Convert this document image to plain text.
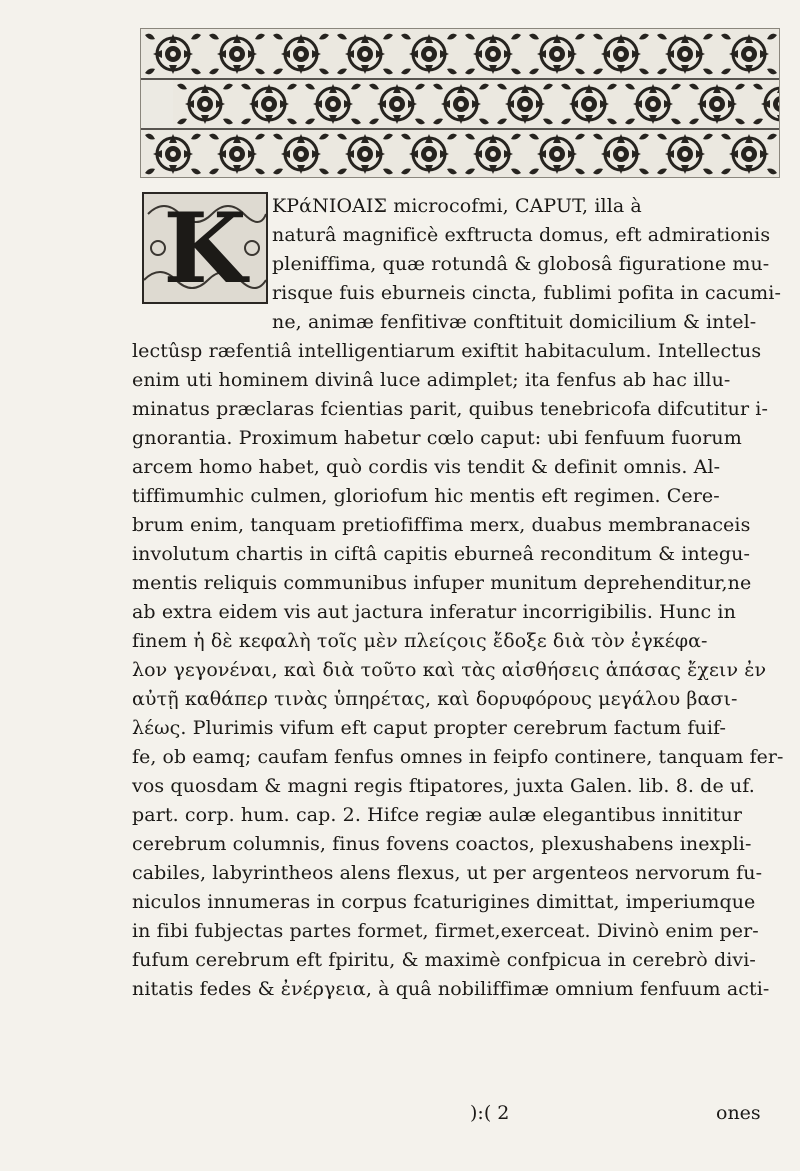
K	ΚΡάΝΙΟΑΙΣ microcofmi, CAPUT, illa à
naturâ magnificè exftructa domus, eft admirationis
pleniffima, quæ rotundâ & globosâ figuratione mu-
risque fuis eburneis cincta, fublimi pofita in cacumi-
ne, animæ fenfitivæ conftituit domicilium & intel-
lectûsp ræfentiâ intelligentiarum exiftit habitaculum. Intellectus
enim uti hominem divinâ luce adimplet; ita fenfus ab hac illu-
minatus præclaras fcientias parit, quibus tenebricofa difcutitur i-
gnorantia. Proximum habetur cœlo caput: ubi fenfuum fuorum
arcem homo habet, quò cordis vis tendit & definit omnis. Al-
tiffimumhic culmen, gloriofum hic mentis eft regimen. Cere-
brum enim, tanquam pretiofiffima merx, duabus membranaceis
involutum chartis in ciftâ capitis eburneâ reconditum & integu-
mentis reliquis communibus infuper munitum deprehenditur,ne
ab extra eidem vis aut jactura inferatur incorrigibilis. Hunc in
finem ἡ δὲ κεφαλὴ τοῖς μὲν πλείςοις ἔδοξε διὰ τὸν ἐγκέφα-
λον γεγονέναι, καὶ διὰ τοῦτο καὶ τὰς αἰσθήσεις ἁπάσας ἔχειν ἐν
αὐτῇ καθάπερ τινὰς ὑπηρέτας, καὶ δορυφόρους μεγάλου βασι-
λέως. Plurimis vifum eft caput propter cerebrum factum fuif-
fe, ob eamq; caufam fenfus omnes in feipfo continere, tanquam fer-
vos quosdam & magni regis ftipatores, juxta Galen. lib. 8. de uf.
part. corp. hum. cap. 2. Hifce regiæ aulæ elegantibus innititur
cerebrum columnis, finus fovens coactos, plexushabens inexpli-
cabiles, labyrintheos alens flexus, ut per argenteos nervorum fu-
niculos innumeras in corpus fcaturigines dimittat, imperiumque
in fibi fubjectas partes formet, firmet,exerceat. Divinò enim per-
fufum cerebrum eft fpiritu, & maximè confpicua in cerebrò divi-
nitatis fedes & ἐνέργεια, à quâ nobiliffimæ omnium fenfuum acti-
):( 2	ones
